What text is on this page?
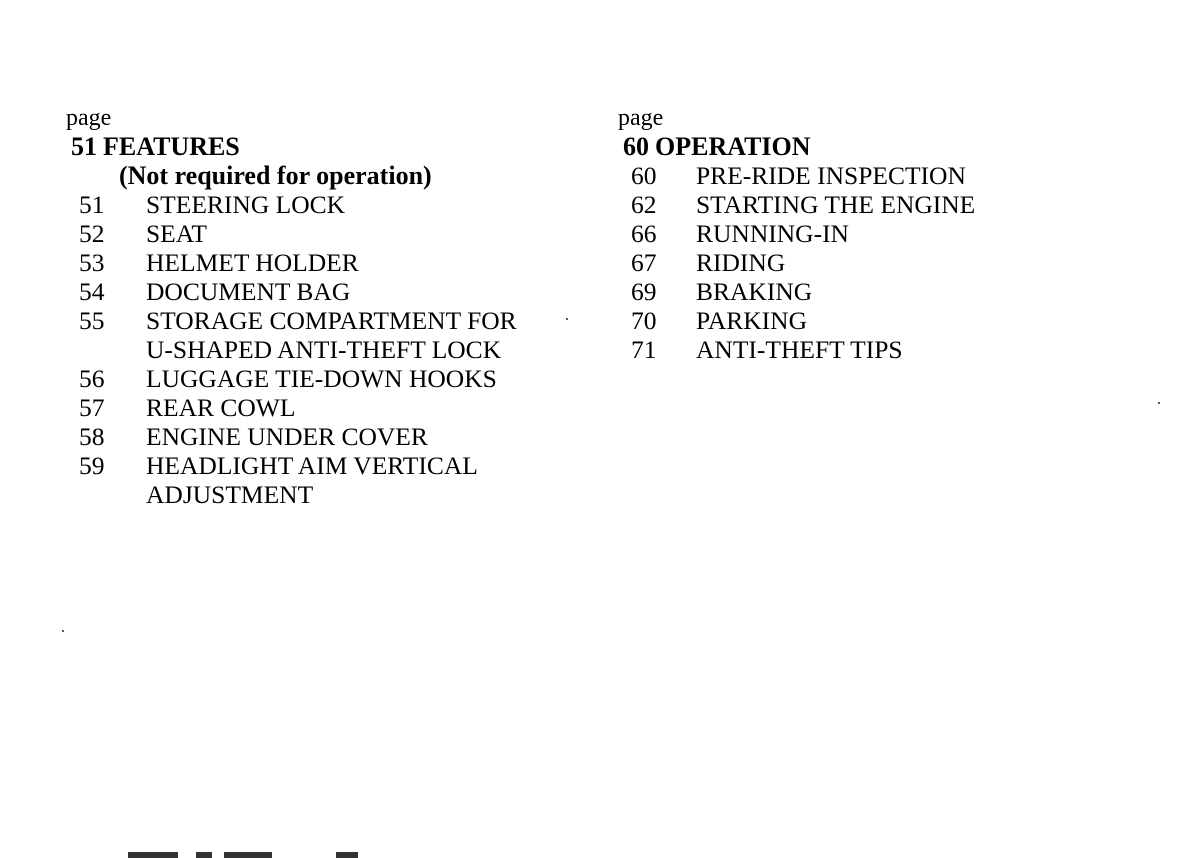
page
51 FEATURES
(Not required for operation)
51 STEERING LOCK
52 SEAT
53 HELMET HOLDER
54 DOCUMENT BAG
55 STORAGE COMPARTMENT FOR
U-SHAPED ANTI-THEFT LOCK
56 LUGGAGE TIE-DOWN HOOKS
57 REAR COWL
58 ENGINE UNDER COVER
59 HEADLIGHT AIM VERTICAL
ADJUSTMENT
page
60 OPERATION
60 PRE-RIDE INSPECTION
62 STARTING THE ENGINE
66 RUNNING-IN
67 RIDING
69 BRAKING
70 PARKING
71 ANTI-THEFT TIPS
